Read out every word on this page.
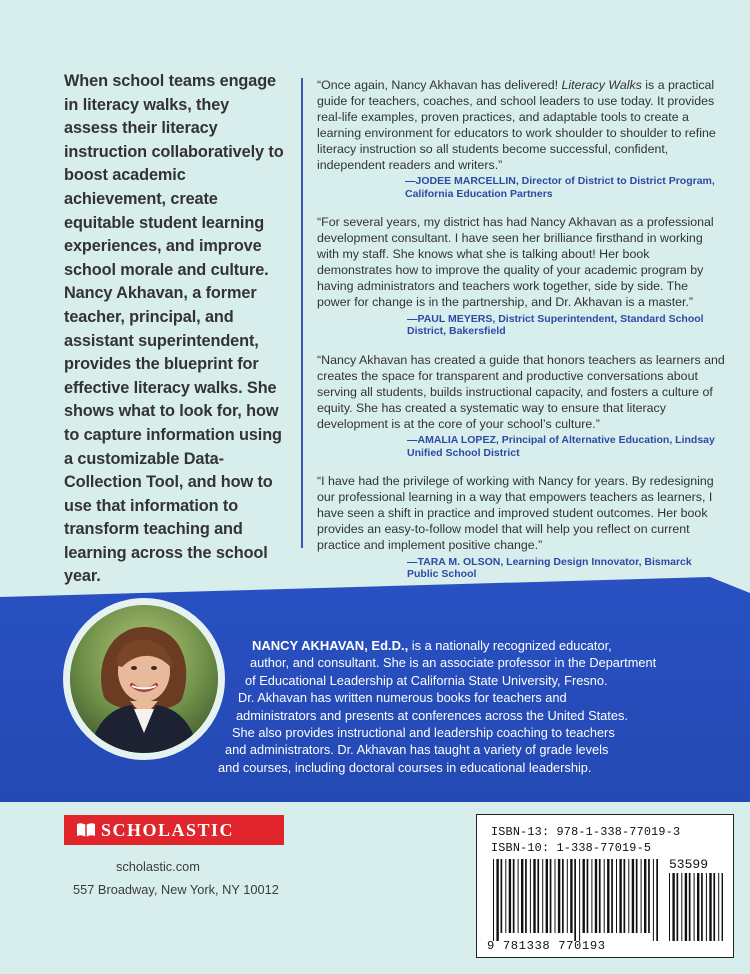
When school teams engage in literacy walks, they assess their literacy instruction collaboratively to boost academic achievement, create equitable student learning experiences, and improve school morale and culture. Nancy Akhavan, a former teacher, principal, and assistant superintendent, provides the blueprint for effective literacy walks. She shows what to look for, how to capture information using a customizable Data-Collection Tool, and how to use that information to transform teaching and learning across the school year.

“Once again, Nancy Akhavan has delivered! Literacy Walks is a practical guide for teachers, coaches, and school leaders to use today. It provides real-life examples, proven practices, and adaptable tools to create a learning environment for educators to work shoulder to shoulder to refine literacy instruction so all students become successful, confident, independent readers and writers.”

—JODEE MARCELLIN, Director of District to District Program, California Education Partners

“For several years, my district has had Nancy Akhavan as a professional development consultant. I have seen her brilliance firsthand in working with my staff. She knows what she is talking about! Her book demonstrates how to improve the quality of your academic program by having administrators and teachers work together, side by side. The power for change is in the partnership, and Dr. Akhavan is a master.”

—PAUL MEYERS, District Superintendent, Standard School District, Bakersfield

“Nancy Akhavan has created a guide that honors teachers as learners and creates the space for transparent and productive conversations about serving all students, builds instructional capacity, and fosters a culture of equity. She has created a systematic way to ensure that literacy development is at the core of your school’s culture.”

—AMALIA LOPEZ, Principal of Alternative Education, Lindsay Unified School District

“I have had the privilege of working with Nancy for years. By redesigning our professional learning in a way that empowers teachers as learners, I have seen a shift in practice and improved student outcomes. Her book provides an easy-to-follow model that will help you reflect on current practice and implement positive change.”

—TARA M. OLSON, Learning Design Innovator, Bismarck Public School

NANCY AKHAVAN, Ed.D., is a nationally recognized educator,
author, and consultant. She is an associate professor in the Department
of Educational Leadership at California State University, Fresno.
Dr. Akhavan has written numerous books for teachers and
administrators and presents at conferences across the United States.
She also provides instructional and leadership coaching to teachers
and administrators. Dr. Akhavan has taught a variety of grade levels
and courses, including doctoral courses in educational leadership.
SCHOLASTIC
scholastic.com
557 Broadway, New York, NY 10012
ISBN-13: 978-1-338-77019-3
ISBN-10: 1-338-77019-5
53599
9 781338 770193
